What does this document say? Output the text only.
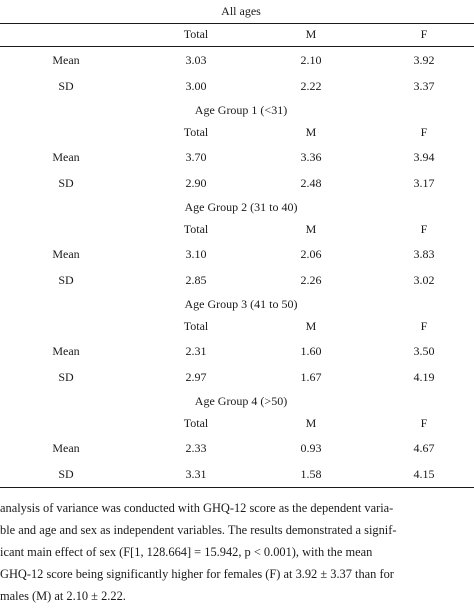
All ages
Total	M	F
Mean	3.03	2.10	3.92
SD	3.00	2.22	3.37
Age Group 1 (<31)
Total	M	F
Mean	3.70	3.36	3.94
SD	2.90	2.48	3.17
Age Group 2 (31 to 40)
Total	M	F
Mean	3.10	2.06	3.83
SD	2.85	2.26	3.02
Age Group 3 (41 to 50)
Total	M	F
Mean	2.31	1.60	3.50
SD	2.97	1.67	4.19
Age Group 4 (>50)
Total	M	F
Mean	2.33	0.93	4.67
SD	3.31	1.58	4.15
analysis of variance was conducted with GHQ-12 score as the dependent varia-
ble and age and sex as independent variables. The results demonstrated a signif-
icant main effect of sex (F[1, 128.664] = 15.942, p < 0.001), with the mean
GHQ-12 score being significantly higher for females (F) at 3.92 ± 3.37 than for
males (M) at 2.10 ± 2.22.
